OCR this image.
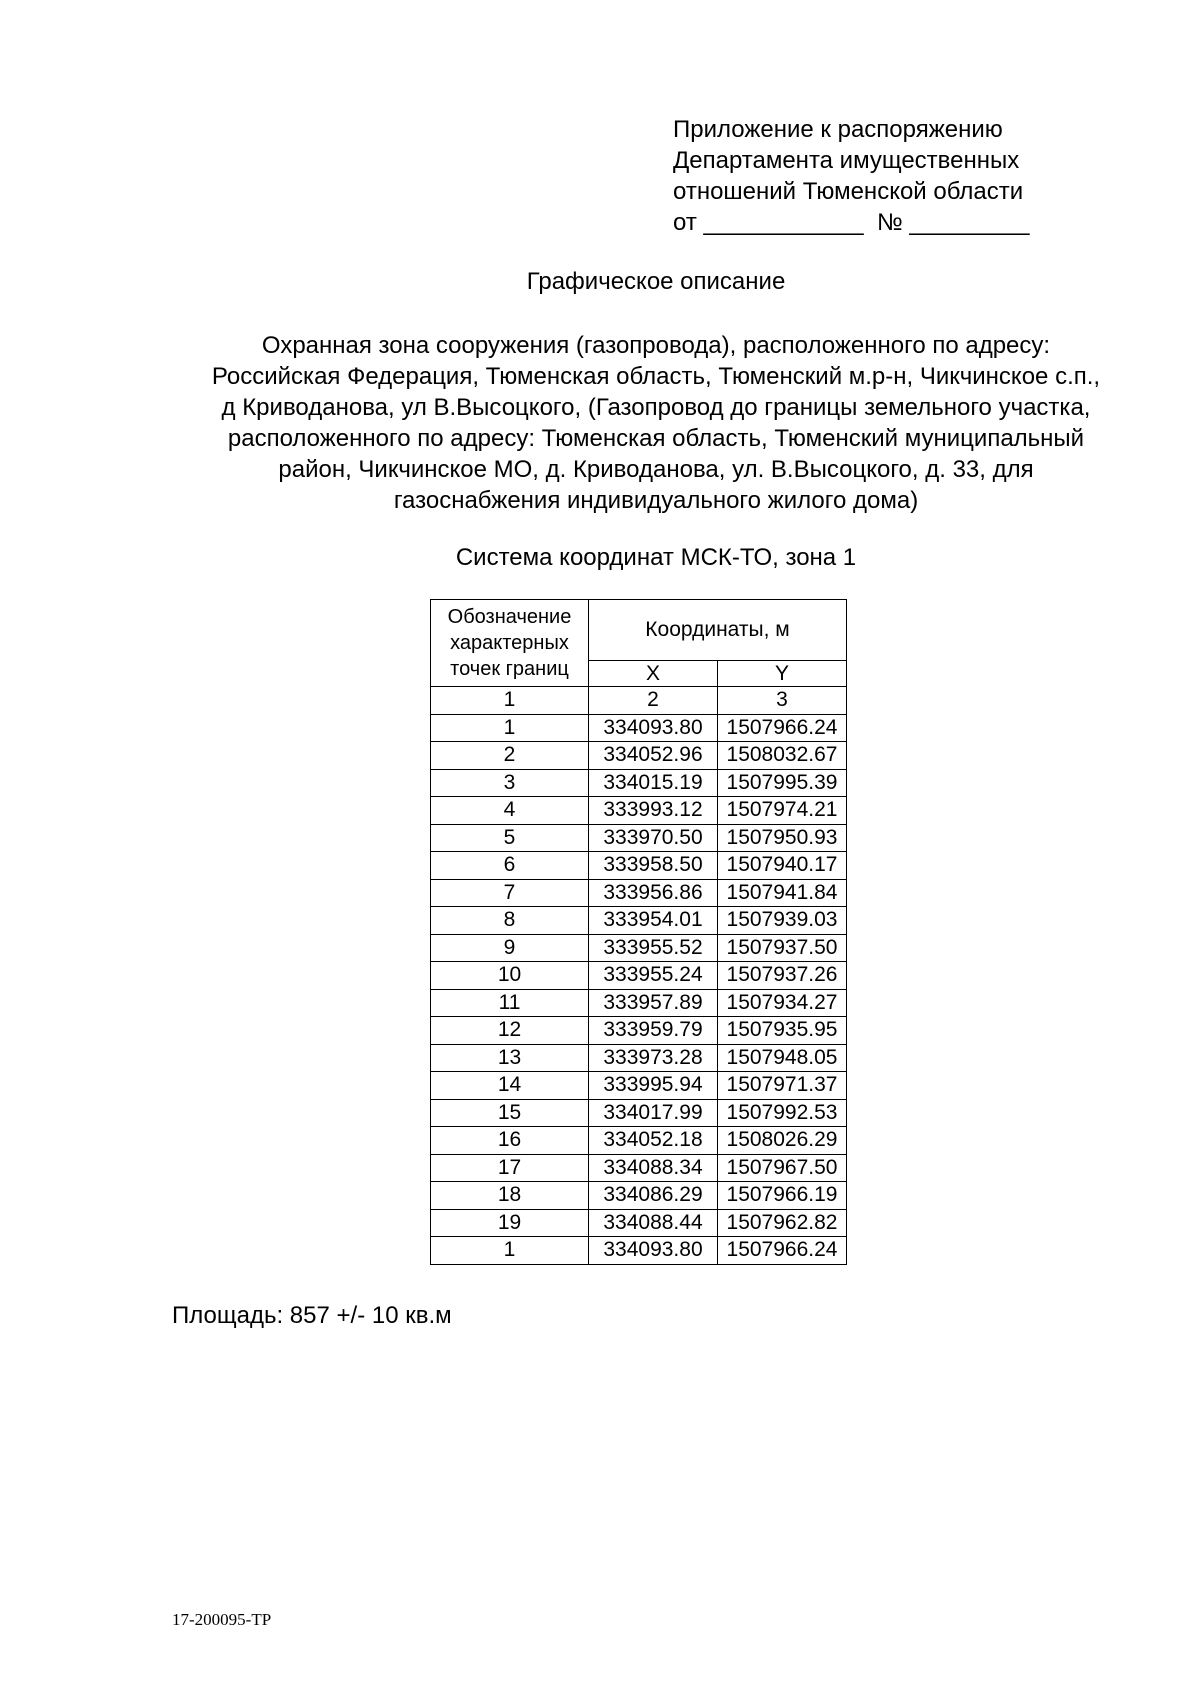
Приложение к распоряжению
Департамента имущественных
отношений Тюменской области
от ____________  № _________
Графическое описание
Охранная зона сооружения (газопровода), расположенного по адресу:
Российская Федерация, Тюменская область, Тюменский м.р-н, Чикчинское с.п.,
д Криводанова, ул В.Высоцкого, (Газопровод до границы земельного участка,
расположенного по адресу: Тюменская область, Тюменский муниципальный
район, Чикчинское МО, д. Криводанова, ул. В.Высоцкого, д. 33, для
газоснабжения индивидуального жилого дома)
Система координат МСК-ТО, зона 1
Обозначение характерных точек границ	Координаты, м	
	X	Y
1	2	3
1	334093.80	1507966.24
2	334052.96	1508032.67
3	334015.19	1507995.39
4	333993.12	1507974.21
5	333970.50	1507950.93
6	333958.50	1507940.17
7	333956.86	1507941.84
8	333954.01	1507939.03
9	333955.52	1507937.50
10	333955.24	1507937.26
11	333957.89	1507934.27
12	333959.79	1507935.95
13	333973.28	1507948.05
14	333995.94	1507971.37
15	334017.99	1507992.53
16	334052.18	1508026.29
17	334088.34	1507967.50
18	334086.29	1507966.19
19	334088.44	1507962.82
1	334093.80	1507966.24
Площадь: 857 +/- 10 кв.м
17-200095-ТР
